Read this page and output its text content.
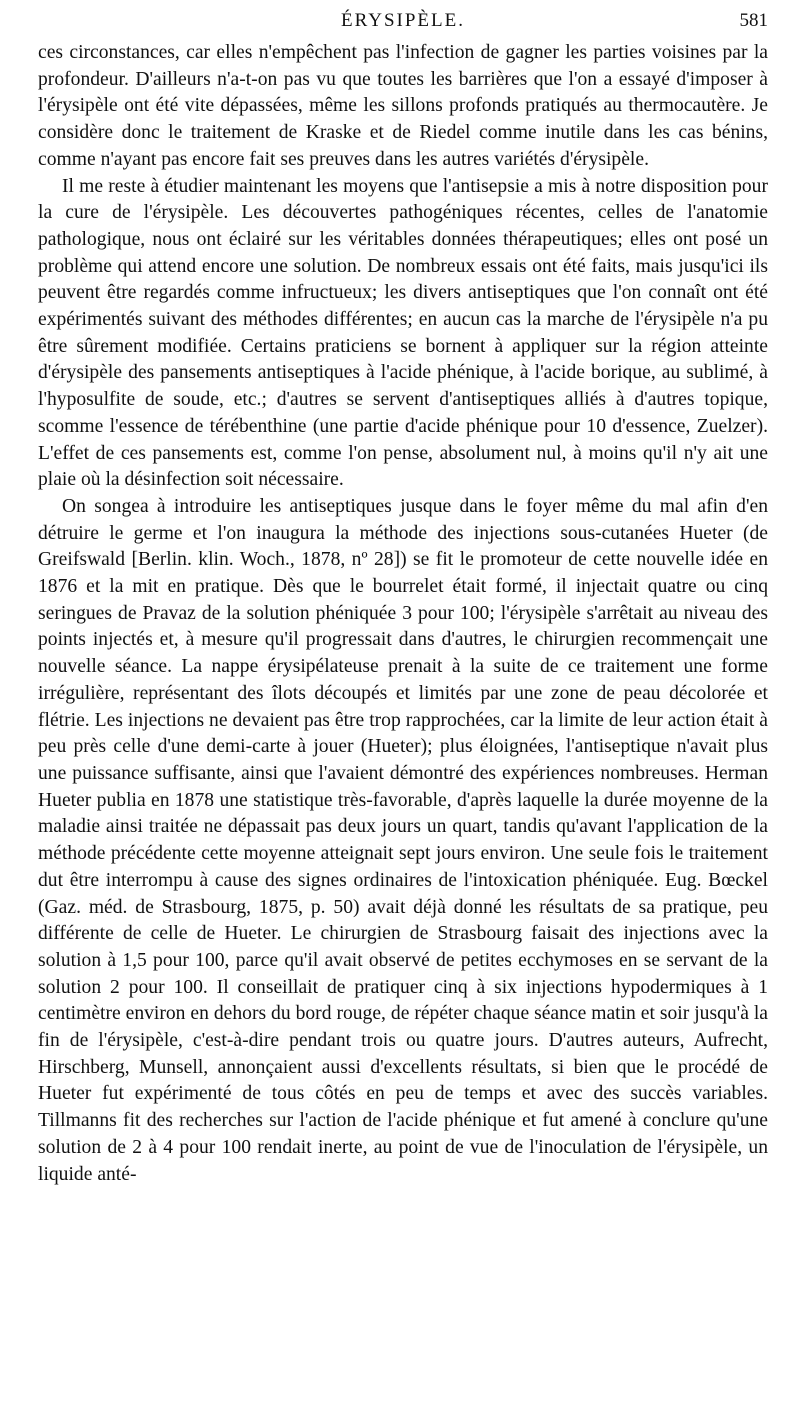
ÉRYSIPÈLE.	581

ces circonstances, car elles n'empêchent pas l'infection de gagner les parties voisines par la profondeur. D'ailleurs n'a-t-on pas vu que toutes les barrières que l'on a essayé d'imposer à l'érysipèle ont été vite dépassées, même les sillons profonds pratiqués au thermocautère. Je considère donc le traitement de Kraske et de Riedel comme inutile dans les cas bénins, comme n'ayant pas encore fait ses preuves dans les autres variétés d'érysipèle.

Il me reste à étudier maintenant les moyens que l'antisepsie a mis à notre disposition pour la cure de l'érysipèle. Les découvertes pathogéniques récentes, celles de l'anatomie pathologique, nous ont éclairé sur les véritables données thérapeutiques; elles ont posé un problème qui attend encore une solution. De nombreux essais ont été faits, mais jusqu'ici ils peuvent être regardés comme infructueux; les divers antiseptiques que l'on connaît ont été expérimentés suivant des méthodes différentes; en aucun cas la marche de l'érysipèle n'a pu être sûrement modifiée. Certains praticiens se bornent à appliquer sur la région atteinte d'érysipèle des pansements antiseptiques à l'acide phénique, à l'acide borique, au sublimé, à l'hyposulfite de soude, etc.; d'autres se servent d'antiseptiques alliés à d'autres topique, scomme l'essence de térébenthine (une partie d'acide phénique pour 10 d'essence, Zuelzer). L'effet de ces pansements est, comme l'on pense, absolument nul, à moins qu'il n'y ait une plaie où la désinfection soit nécessaire.

On songea à introduire les antiseptiques jusque dans le foyer même du mal afin d'en détruire le germe et l'on inaugura la méthode des injections sous-cutanées Hueter (de Greifswald [Berlin. klin. Woch., 1878, nº 28]) se fit le promoteur de cette nouvelle idée en 1876 et la mit en pratique. Dès que le bourrelet était formé, il injectait quatre ou cinq seringues de Pravaz de la solution phéniquée 3 pour 100; l'érysipèle s'arrêtait au niveau des points injectés et, à mesure qu'il progressait dans d'autres, le chirurgien recommençait une nouvelle séance. La nappe érysipélateuse prenait à la suite de ce traitement une forme irrégulière, représentant des îlots découpés et limités par une zone de peau décolorée et flétrie. Les injections ne devaient pas être trop rapprochées, car la limite de leur action était à peu près celle d'une demi-carte à jouer (Hueter); plus éloignées, l'antiseptique n'avait plus une puissance suffisante, ainsi que l'avaient démontré des expériences nombreuses. Herman Hueter publia en 1878 une statistique très-favorable, d'après laquelle la durée moyenne de la maladie ainsi traitée ne dépassait pas deux jours un quart, tandis qu'avant l'application de la méthode précédente cette moyenne atteignait sept jours environ. Une seule fois le traitement dut être interrompu à cause des signes ordinaires de l'intoxication phéniquée. Eug. Bœckel (Gaz. méd. de Strasbourg, 1875, p. 50) avait déjà donné les résultats de sa pratique, peu différente de celle de Hueter. Le chirurgien de Strasbourg faisait des injections avec la solution à 1,5 pour 100, parce qu'il avait observé de petites ecchymoses en se servant de la solution 2 pour 100. Il conseillait de pratiquer cinq à six injections hypodermiques à 1 centimètre environ en dehors du bord rouge, de répéter chaque séance matin et soir jusqu'à la fin de l'érysipèle, c'est-à-dire pendant trois ou quatre jours. D'autres auteurs, Aufrecht, Hirschberg, Munsell, annonçaient aussi d'excellents résultats, si bien que le procédé de Hueter fut expérimenté de tous côtés en peu de temps et avec des succès variables. Tillmanns fit des recherches sur l'action de l'acide phénique et fut amené à conclure qu'une solution de 2 à 4 pour 100 rendait inerte, au point de vue de l'inoculation de l'érysipèle, un liquide anté-
